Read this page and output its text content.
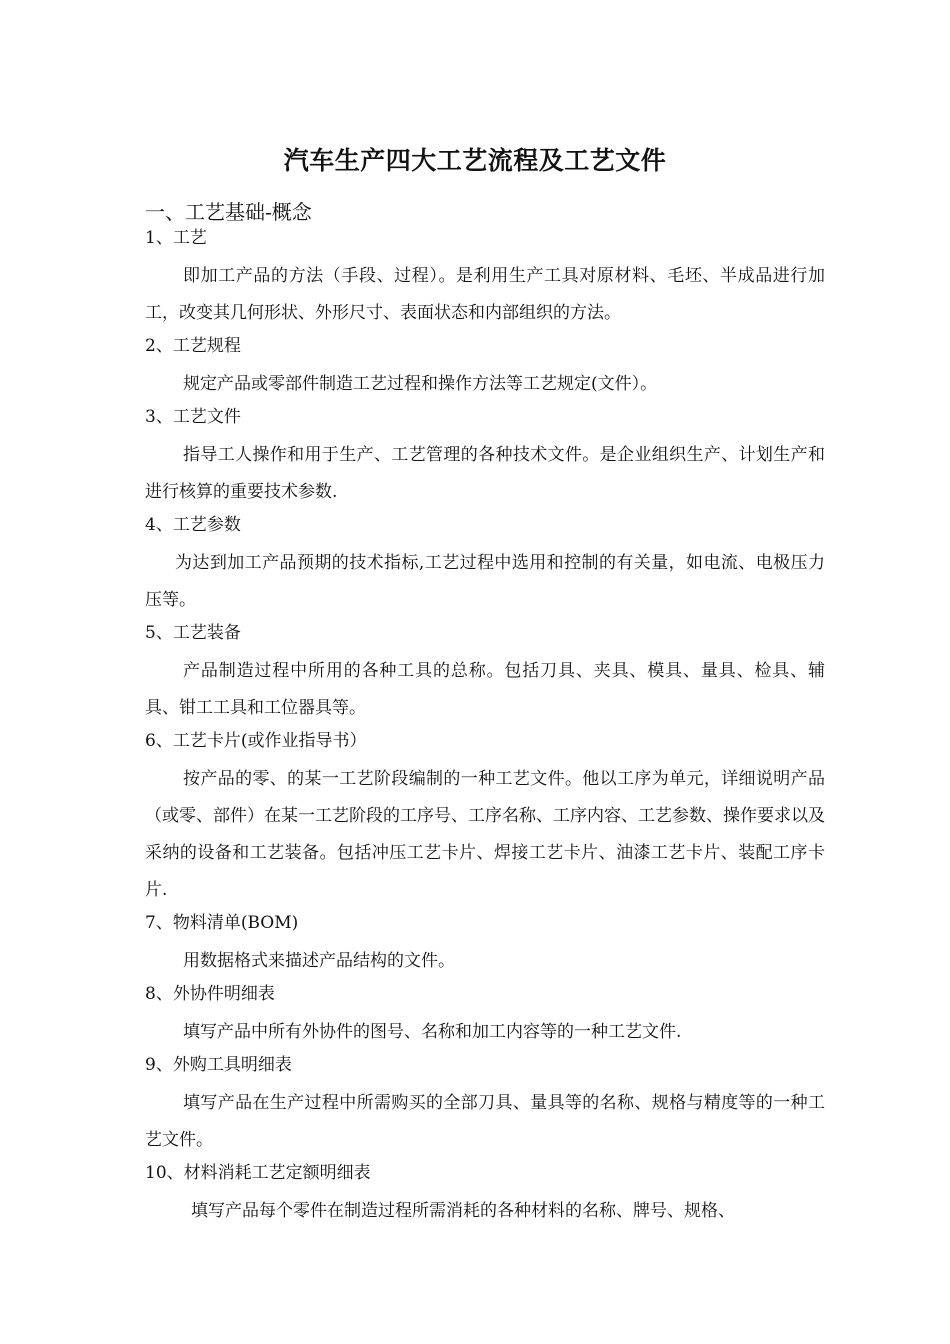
汽车生产四大工艺流程及工艺文件
一、工艺基础-概念
1、工艺

即加工产品的方法（手段、过程）。是利用生产工具对原材料、毛坯、半成品进行加工，改变其几何形状、外形尺寸、表面状态和内部组织的方法。

2、工艺规程

规定产品或零部件制造工艺过程和操作方法等工艺规定(文件）。

3、工艺文件

指导工人操作和用于生产、工艺管理的各种技术文件。是企业组织生产、计划生产和进行核算的重要技术参数.

4、工艺参数

为达到加工产品预期的技术指标,工艺过程中选用和控制的有关量，如电流、电极压力压等。

5、工艺装备

产品制造过程中所用的各种工具的总称。包括刀具、夹具、模具、量具、检具、辅具、钳工工具和工位器具等。

6、工艺卡片(或作业指导书）

按产品的零、的某一工艺阶段编制的一种工艺文件。他以工序为单元，详细说明产品（或零、部件）在某一工艺阶段的工序号、工序名称、工序内容、工艺参数、操作要求以及采纳的设备和工艺装备。包括冲压工艺卡片、焊接工艺卡片、油漆工艺卡片、装配工序卡片.

7、物料清单(BOM)

用数据格式来描述产品结构的文件。

8、外协件明细表

填写产品中所有外协件的图号、名称和加工内容等的一种工艺文件.

9、外购工具明细表

填写产品在生产过程中所需购买的全部刀具、量具等的名称、规格与精度等的一种工艺文件。

10、材料消耗工艺定额明细表

填写产品每个零件在制造过程所需消耗的各种材料的名称、牌号、规格、
